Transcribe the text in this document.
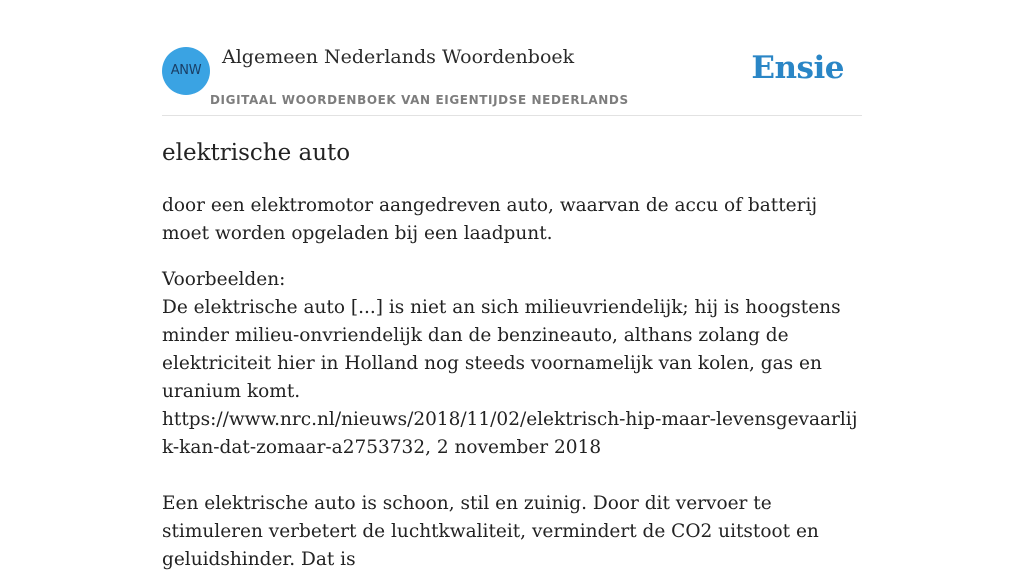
ANW
Algemeen Nederlands Woordenboek
DIGITAAL WOORDENBOEK VAN EIGENTIJDSE NEDERLANDS
Ensie
elektrische auto

door een elektromotor aangedreven auto, waarvan de accu of batterij moet worden opgeladen bij een laadpunt.

Voorbeelden:

De elektrische auto [...] is niet an sich milieuvriendelijk; hij is hoogstens minder milieu-onvriendelijk dan de benzineauto, althans zolang de elektriciteit hier in Holland nog steeds voornamelijk van kolen, gas en uranium komt.

https://www.nrc.nl/nieuws/2018/11/02/elektrisch-hip-maar-levensgevaarlijk-kan-dat-zomaar-a2753732, 2 november 2018

Een elektrische auto is schoon, stil en zuinig. Door dit vervoer te stimuleren verbetert de luchtkwaliteit, vermindert de CO2 uitstoot en geluidshinder. Dat is
